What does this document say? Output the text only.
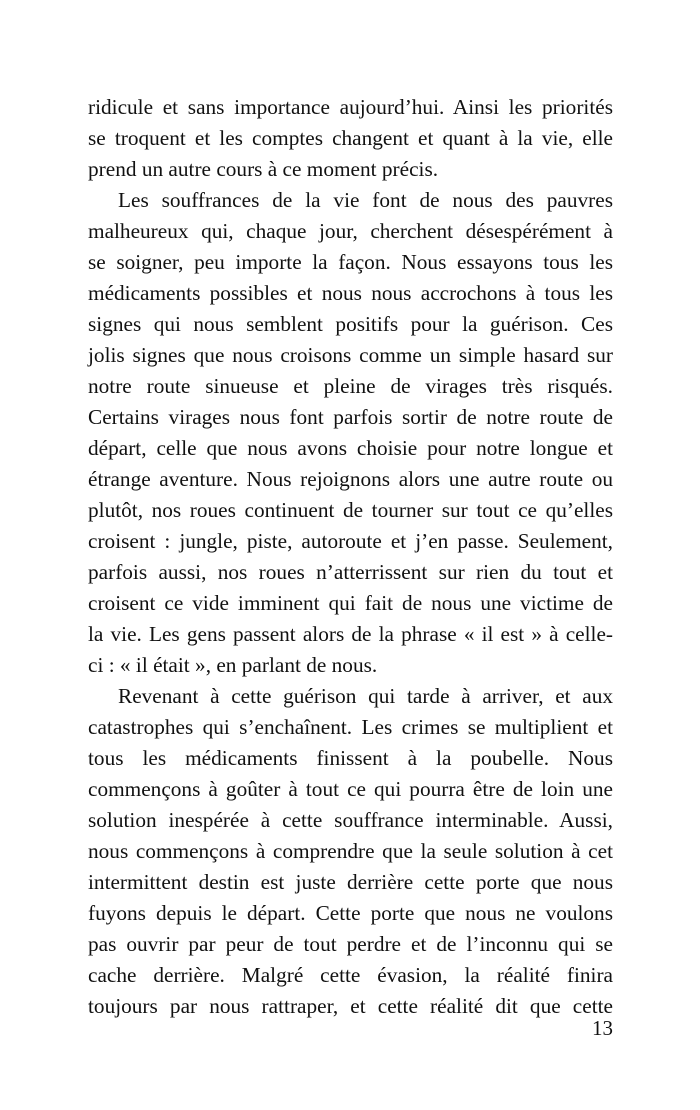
ridicule et sans importance aujourd’hui. Ainsi les priorités
se troquent et les comptes changent et quant à la vie, elle
prend un autre cours à ce moment précis.
Les souffrances de la vie font de nous des pauvres
malheureux qui, chaque jour, cherchent désespérément à
se soigner, peu importe la façon. Nous essayons tous les
médicaments possibles et nous nous accrochons à tous les
signes qui nous semblent positifs pour la guérison. Ces
jolis signes que nous croisons comme un simple hasard sur
notre route sinueuse et pleine de virages très risqués.
Certains virages nous font parfois sortir de notre route de
départ, celle que nous avons choisie pour notre longue et
étrange aventure. Nous rejoignons alors une autre route ou
plutôt, nos roues continuent de tourner sur tout ce qu’elles
croisent : jungle, piste, autoroute et j’en passe. Seulement,
parfois aussi, nos roues n’atterrissent sur rien du tout et
croisent ce vide imminent qui fait de nous une victime de
la vie. Les gens passent alors de la phrase « il est » à celle-
ci : « il était », en parlant de nous.
Revenant à cette guérison qui tarde à arriver, et aux
catastrophes qui s’enchaînent. Les crimes se multiplient et
tous les médicaments finissent à la poubelle. Nous
commençons à goûter à tout ce qui pourra être de loin une
solution inespérée à cette souffrance interminable. Aussi,
nous commençons à comprendre que la seule solution à cet
intermittent destin est juste derrière cette porte que nous
fuyons depuis le départ. Cette porte que nous ne voulons
pas ouvrir par peur de tout perdre et de l’inconnu qui se
cache derrière. Malgré cette évasion, la réalité finira
toujours par nous rattraper, et cette réalité dit que cette
13
